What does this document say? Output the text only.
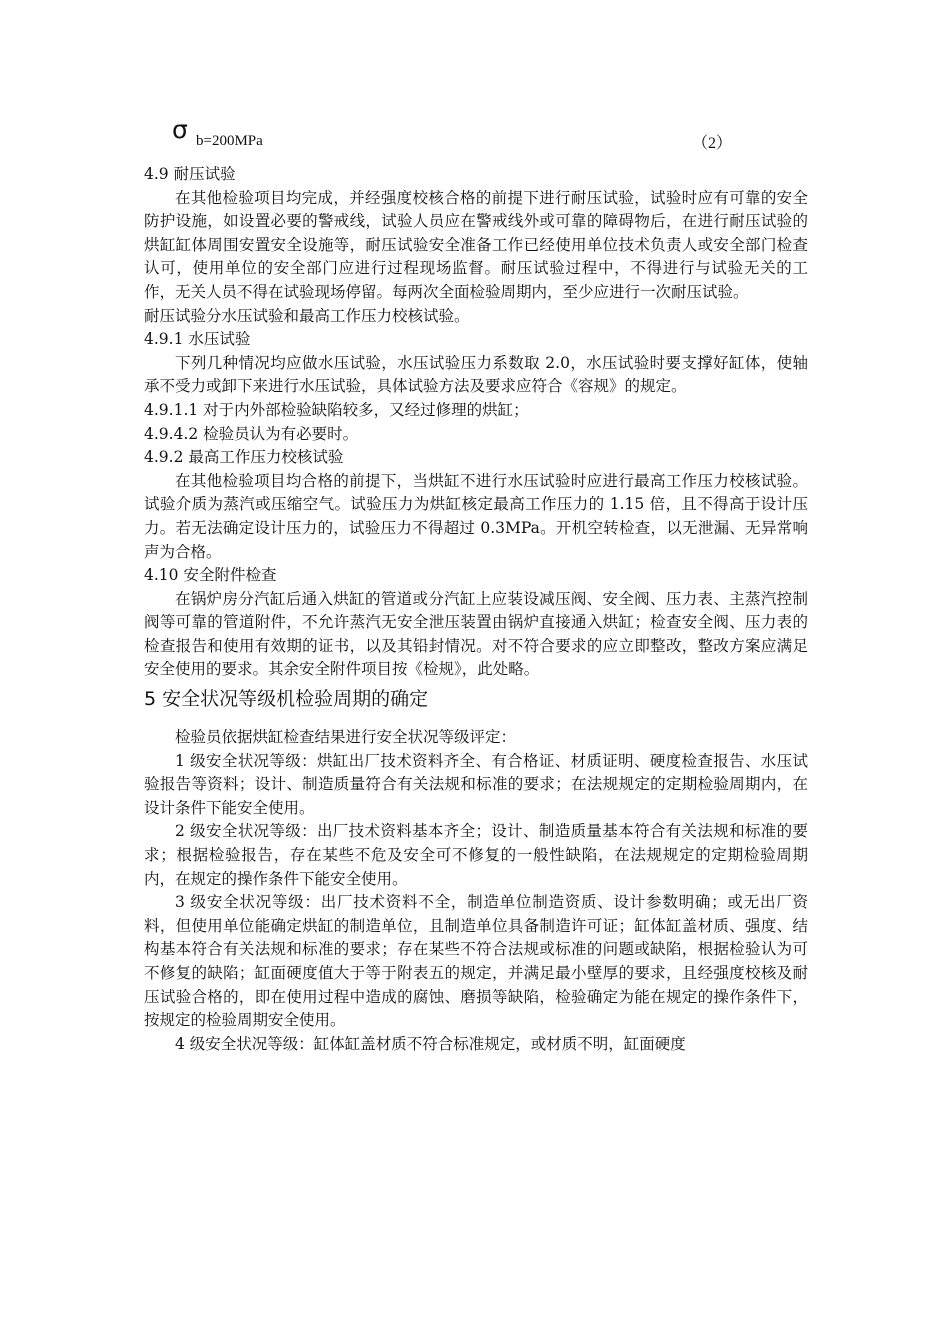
σ b=200MPa	（2）

4.9 耐压试验

在其他检验项目均完成，并经强度校核合格的前提下进行耐压试验，试验时应有可靠的安全防护设施，如设置必要的警戒线，试验人员应在警戒线外或可靠的障碍物后，在进行耐压试验的烘缸缸体周围安置安全设施等，耐压试验安全准备工作已经使用单位技术负责人或安全部门检查认可，使用单位的安全部门应进行过程现场监督。耐压试验过程中，不得进行与试验无关的工作，无关人员不得在试验现场停留。每两次全面检验周期内，至少应进行一次耐压试验。

耐压试验分水压试验和最高工作压力校核试验。

4.9.1 水压试验

下列几种情况均应做水压试验，水压试验压力系数取 2.0，水压试验时要支撑好缸体，使轴承不受力或卸下来进行水压试验，具体试验方法及要求应符合《容规》的规定。

4.9.1.1 对于内外部检验缺陷较多，又经过修理的烘缸；

4.9.4.2 检验员认为有必要时。

4.9.2 最高工作压力校核试验

在其他检验项目均合格的前提下，当烘缸不进行水压试验时应进行最高工作压力校核试验。试验介质为蒸汽或压缩空气。试验压力为烘缸核定最高工作压力的 1.15 倍，且不得高于设计压力。若无法确定设计压力的，试验压力不得超过 0.3MPa。开机空转检查，以无泄漏、无异常响声为合格。

4.10 安全附件检查

在锅炉房分汽缸后通入烘缸的管道或分汽缸上应装设减压阀、安全阀、压力表、主蒸汽控制阀等可靠的管道附件，不允许蒸汽无安全泄压装置由锅炉直接通入烘缸；检查安全阀、压力表的检查报告和使用有效期的证书，以及其铅封情况。对不符合要求的应立即整改，整改方案应满足安全使用的要求。其余安全附件项目按《检规》，此处略。

5 安全状况等级机检验周期的确定

检验员依据烘缸检查结果进行安全状况等级评定：

1 级安全状况等级：烘缸出厂技术资料齐全、有合格证、材质证明、硬度检查报告、水压试验报告等资料；设计、制造质量符合有关法规和标准的要求；在法规规定的定期检验周期内，在设计条件下能安全使用。

2 级安全状况等级：出厂技术资料基本齐全；设计、制造质量基本符合有关法规和标准的要求；根据检验报告，存在某些不危及安全可不修复的一般性缺陷，在法规规定的定期检验周期内，在规定的操作条件下能安全使用。

3 级安全状况等级：出厂技术资料不全，制造单位制造资质、设计参数明确；或无出厂资料，但使用单位能确定烘缸的制造单位，且制造单位具备制造许可证；缸体缸盖材质、强度、结构基本符合有关法规和标准的要求；存在某些不符合法规或标准的问题或缺陷，根据检验认为可不修复的缺陷；缸面硬度值大于等于附表五的规定，并满足最小壁厚的要求，且经强度校核及耐压试验合格的，即在使用过程中造成的腐蚀、磨损等缺陷，检验确定为能在规定的操作条件下，按规定的检验周期安全使用。

4 级安全状况等级：缸体缸盖材质不符合标准规定，或材质不明，缸面硬度
